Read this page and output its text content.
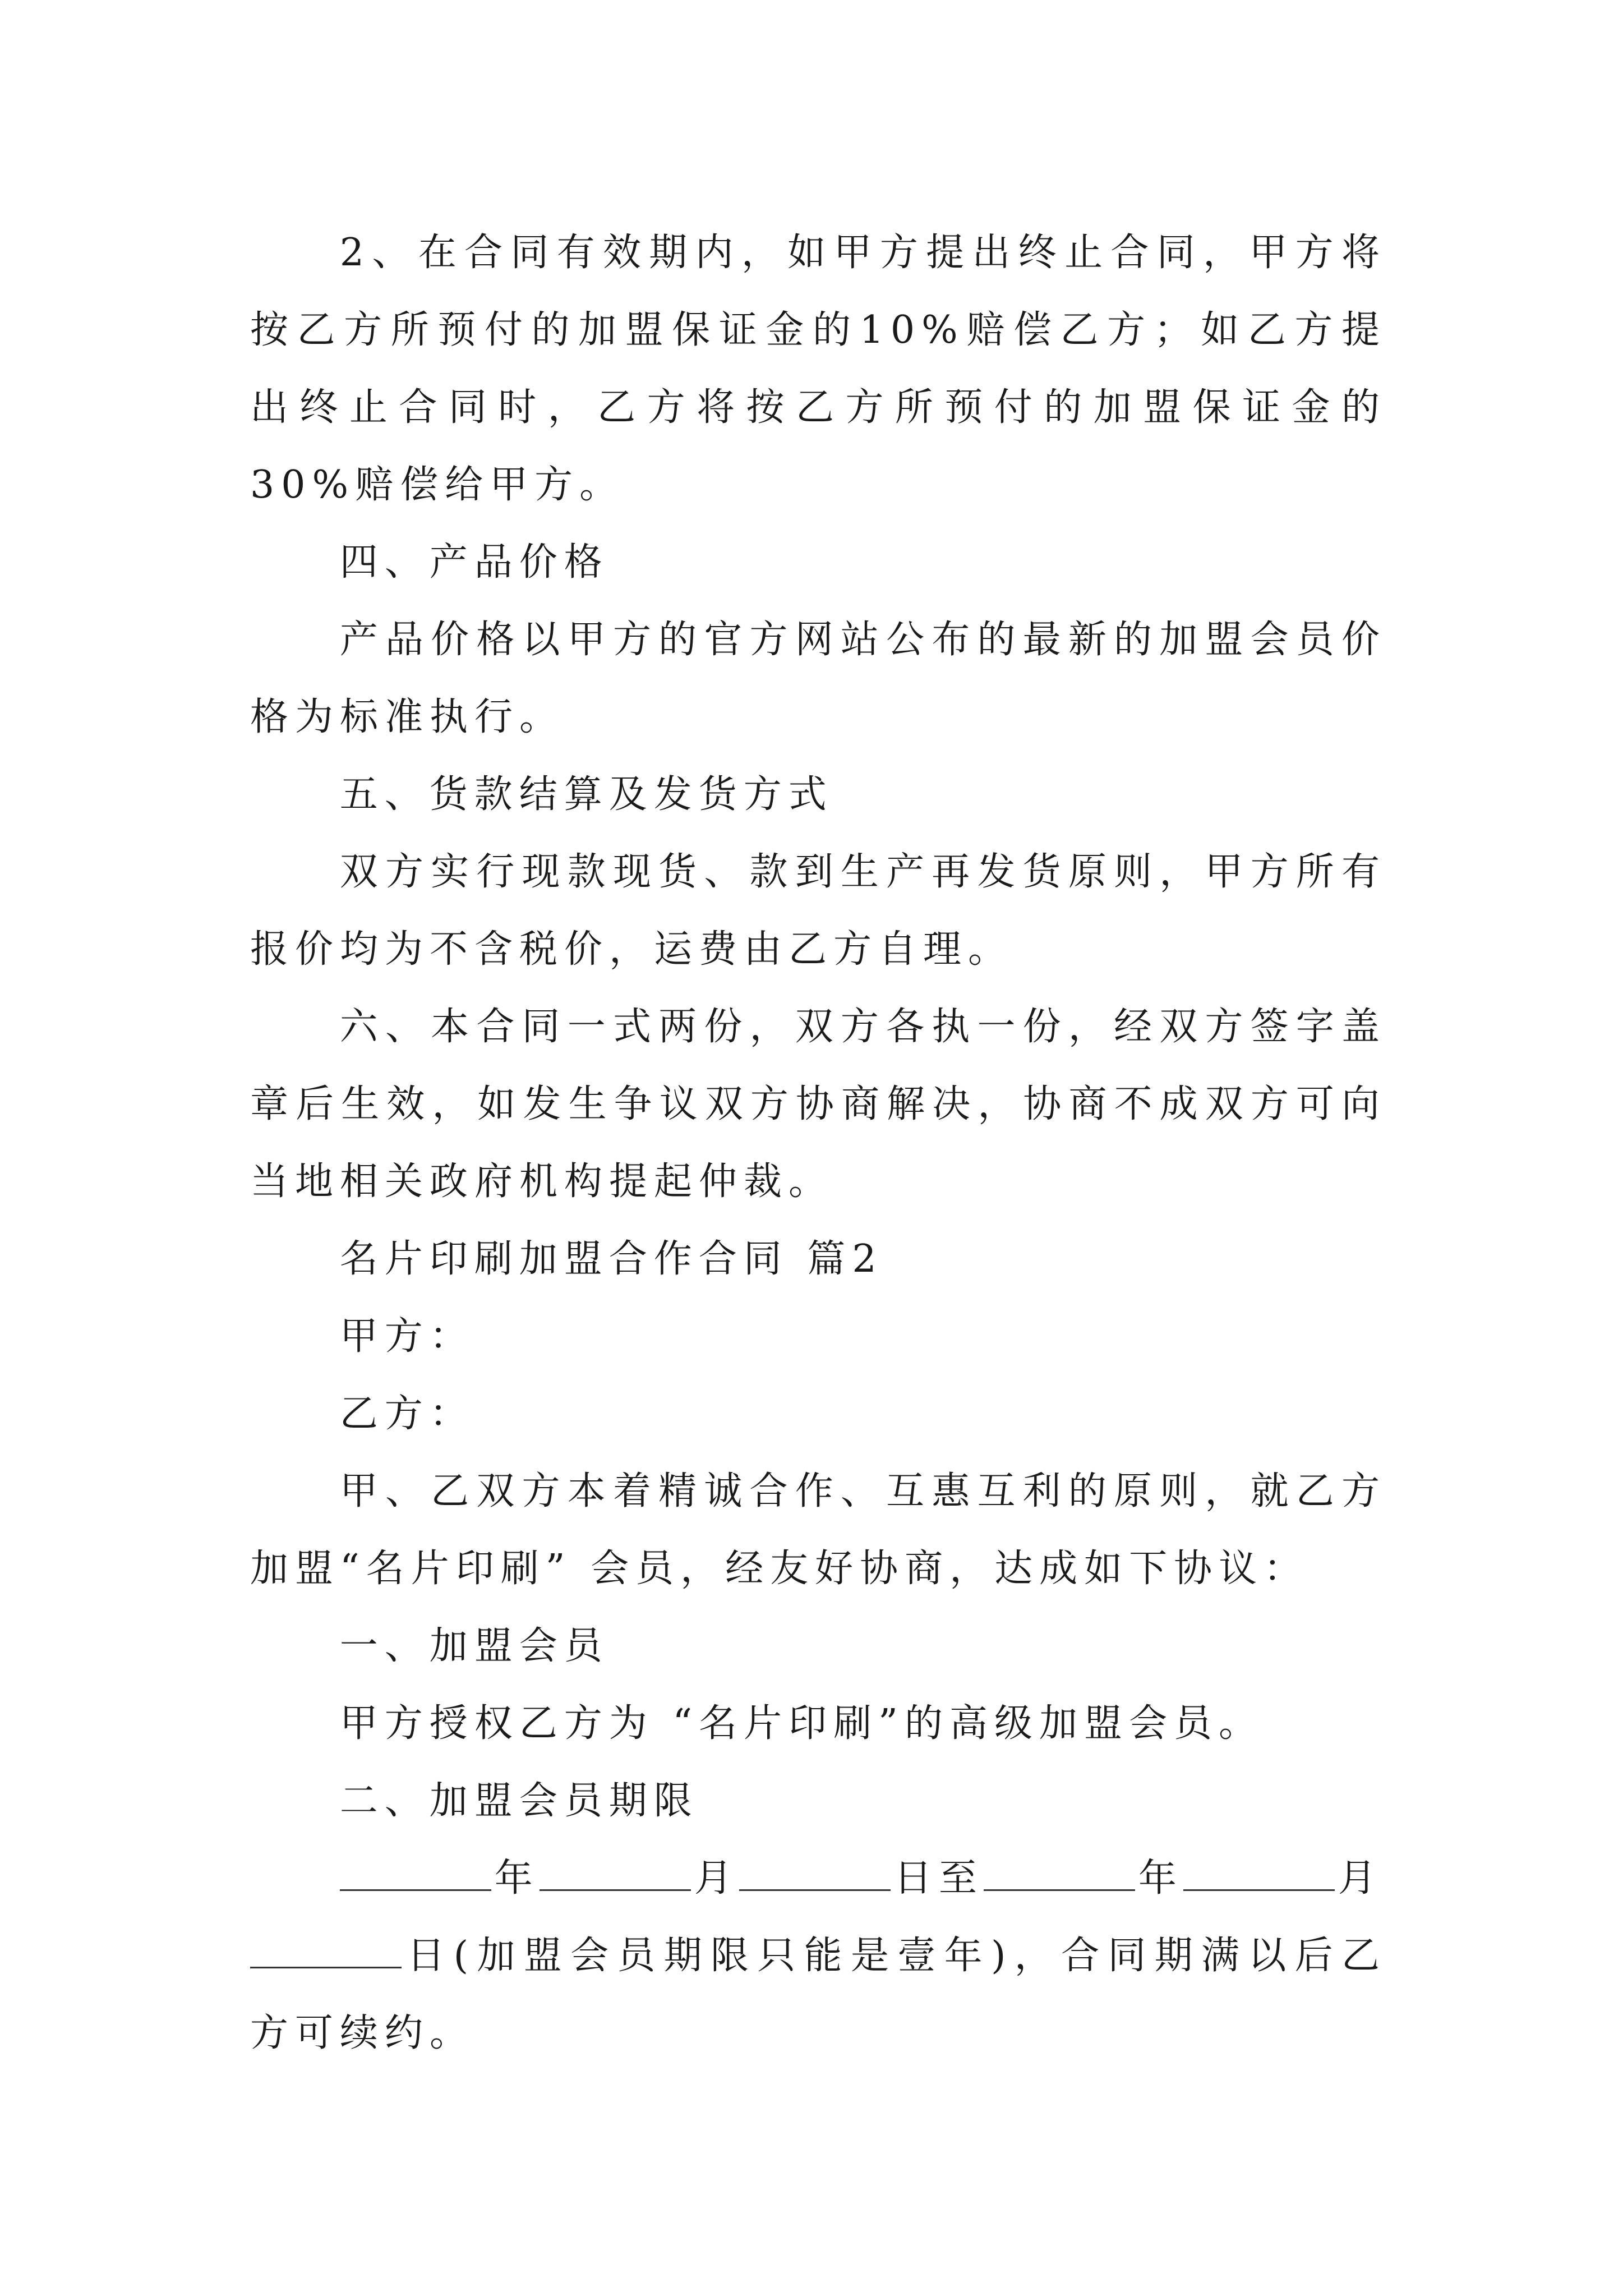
2、在合同有效期内，如甲方提出终止合同，甲方将按乙方所预付的加盟保证金的10%赔偿乙方；如乙方提出终止合同时，乙方将按乙方所预付的加盟保证金的30%赔偿给甲方。

四、产品价格

产品价格以甲方的官方网站公布的最新的加盟会员价格为标准执行。

五、货款结算及发货方式

双方实行现款现货、款到生产再发货原则，甲方所有报价均为不含税价，运费由乙方自理。

六、本合同一式两份，双方各执一份，经双方签字盖章后生效，如发生争议双方协商解决，协商不成双方可向当地相关政府机构提起仲裁。

名片印刷加盟合作合同 篇2

甲方：

乙方：

甲、乙双方本着精诚合作、互惠互利的原则，就乙方加盟“名片印刷” 会员，经友好协商，达成如下协议：

一、加盟会员

甲方授权乙方为 “名片印刷”的高级加盟会员。

二、加盟会员期限

年	月	日至	年	月

日(加盟会员期限只能是壹年)，合同期满以后乙方可续约。
